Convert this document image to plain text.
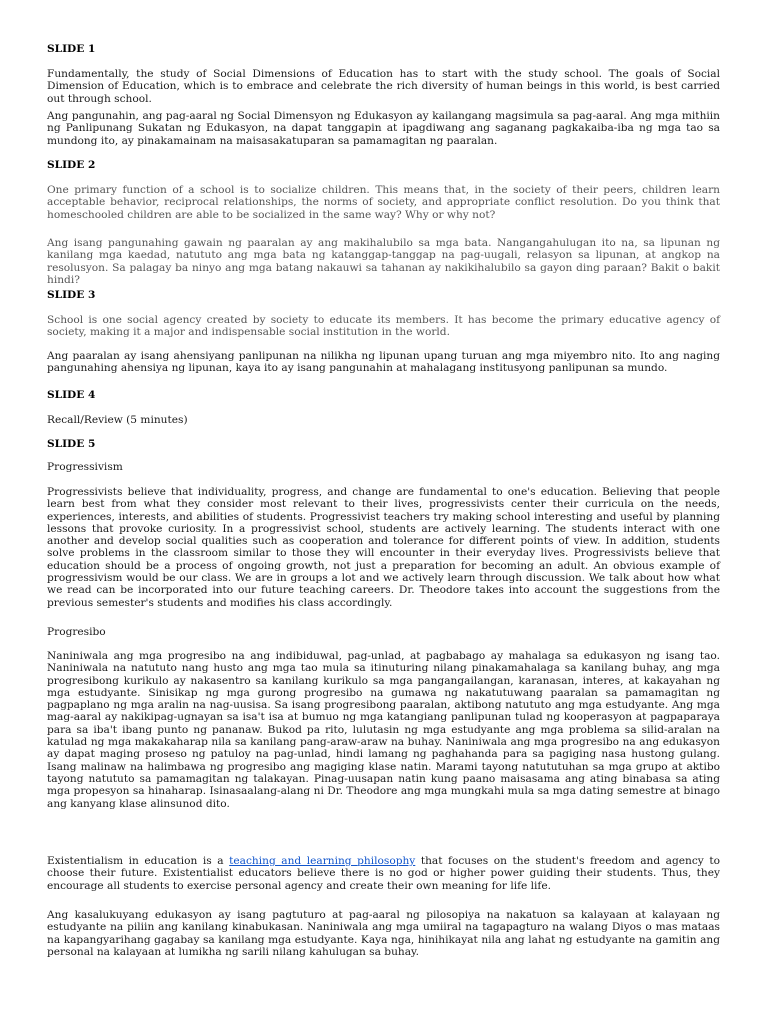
SLIDE 1

Fundamentally, the study of Social Dimensions of Education has to start with the study school. The goals of Social Dimension of Education, which is to embrace and celebrate the rich diversity of human beings in this world, is best carried out through school.

Ang pangunahin, ang pag-aaral ng Social Dimensyon ng Edukasyon ay kailangang magsimula sa pag-aaral. Ang mga mithiin ng Panlipunang Sukatan ng Edukasyon, na dapat tanggapin at ipagdiwang ang saganang pagkakaiba-iba ng mga tao sa mundong ito, ay pinakamainam na maisasakatuparan sa pamamagitan ng paaralan.

SLIDE 2

One primary function of a school is to socialize children. This means that, in the society of their peers, children learn acceptable behavior, reciprocal relationships, the norms of society, and appropriate conflict resolution. Do you think that homeschooled children are able to be socialized in the same way? Why or why not?

Ang isang pangunahing gawain ng paaralan ay ang makihalubilo sa mga bata. Nangangahulugan ito na, sa lipunan ng kanilang mga kaedad, natututo ang mga bata ng katanggap-tanggap na pag-uugali, relasyon sa lipunan, at angkop na resolusyon. Sa palagay ba ninyo ang mga batang nakauwi sa tahanan ay nakikihalubilo sa gayon ding paraan? Bakit o bakit hindi?

SLIDE 3

School is one social agency created by society to educate its members. It has become the primary educative agency of society, making it a major and indispensable social institution in the world.

Ang paaralan ay isang ahensiyang panlipunan na nilikha ng lipunan upang turuan ang mga miyembro nito. Ito ang naging pangunahing ahensiya ng lipunan, kaya ito ay isang pangunahin at mahalagang institusyong panlipunan sa mundo.

SLIDE 4

Recall/Review (5 minutes)

SLIDE 5

Progressivism

Progressivists believe that individuality, progress, and change are fundamental to one's education. Believing that people learn best from what they consider most relevant to their lives, progressivists center their curricula on the needs, experiences, interests, and abilities of students. Progressivist teachers try making school interesting and useful by planning lessons that provoke curiosity. In a progressivist school, students are actively learning. The students interact with one another and develop social qualities such as cooperation and tolerance for different points of view. In addition, students solve problems in the classroom similar to those they will encounter in their everyday lives. Progressivists believe that education should be a process of ongoing growth, not just a preparation for becoming an adult. An obvious example of progressivism would be our class. We are in groups a lot and we actively learn through discussion. We talk about how what we read can be incorporated into our future teaching careers. Dr. Theodore takes into account the suggestions from the previous semester's students and modifies his class accordingly.

Progresibo

Naniniwala ang mga progresibo na ang indibiduwal, pag-unlad, at pagbabago ay mahalaga sa edukasyon ng isang tao. Naniniwala na natututo nang husto ang mga tao mula sa itinuturing nilang pinakamahalaga sa kanilang buhay, ang mga progresibong kurikulo ay nakasentro sa kanilang kurikulo sa mga pangangailangan, karanasan, interes, at kakayahan ng mga estudyante. Sinisikap ng mga gurong progresibo na gumawa ng nakatutuwang paaralan sa pamamagitan ng pagpaplano ng mga aralin na nag-uusisa. Sa isang progresibong paaralan, aktibong natututo ang mga estudyante. Ang mga mag-aaral ay nakikipag-ugnayan sa isa't isa at bumuo ng mga katangiang panlipunan tulad ng kooperasyon at pagpaparaya para sa iba't ibang punto ng pananaw. Bukod pa rito, lulutasin ng mga estudyante ang mga problema sa silid-aralan na katulad ng mga makakaharap nila sa kanilang pang-araw-araw na buhay. Naniniwala ang mga progresibo na ang edukasyon ay dapat maging proseso ng patuloy na pag-unlad, hindi lamang ng paghahanda para sa pagiging nasa hustong gulang. Isang malinaw na halimbawa ng progresibo ang magiging klase natin. Marami tayong natututuhan sa mga grupo at aktibo tayong natututo sa pamamagitan ng talakayan. Pinag-uusapan natin kung paano maisasama ang ating binabasa sa ating mga propesyon sa hinaharap. Isinasaalang-alang ni Dr. Theodore ang mga mungkahi mula sa mga dating semestre at binago ang kanyang klase alinsunod dito.

Existentialism in education is a teaching and learning philosophy that focuses on the student's freedom and agency to choose their future. Existentialist educators believe there is no god or higher power guiding their students. Thus, they encourage all students to exercise personal agency and create their own meaning for life life.

Ang kasalukuyang edukasyon ay isang pagtuturo at pag-aaral ng pilosopiya na nakatuon sa kalayaan at kalayaan ng estudyante na piliin ang kanilang kinabukasan. Naniniwala ang mga umiiral na tagapagturo na walang Diyos o mas mataas na kapangyarihang gagabay sa kanilang mga estudyante. Kaya nga, hinihikayat nila ang lahat ng estudyante na gamitin ang personal na kalayaan at lumikha ng sarili nilang kahulugan sa buhay.
